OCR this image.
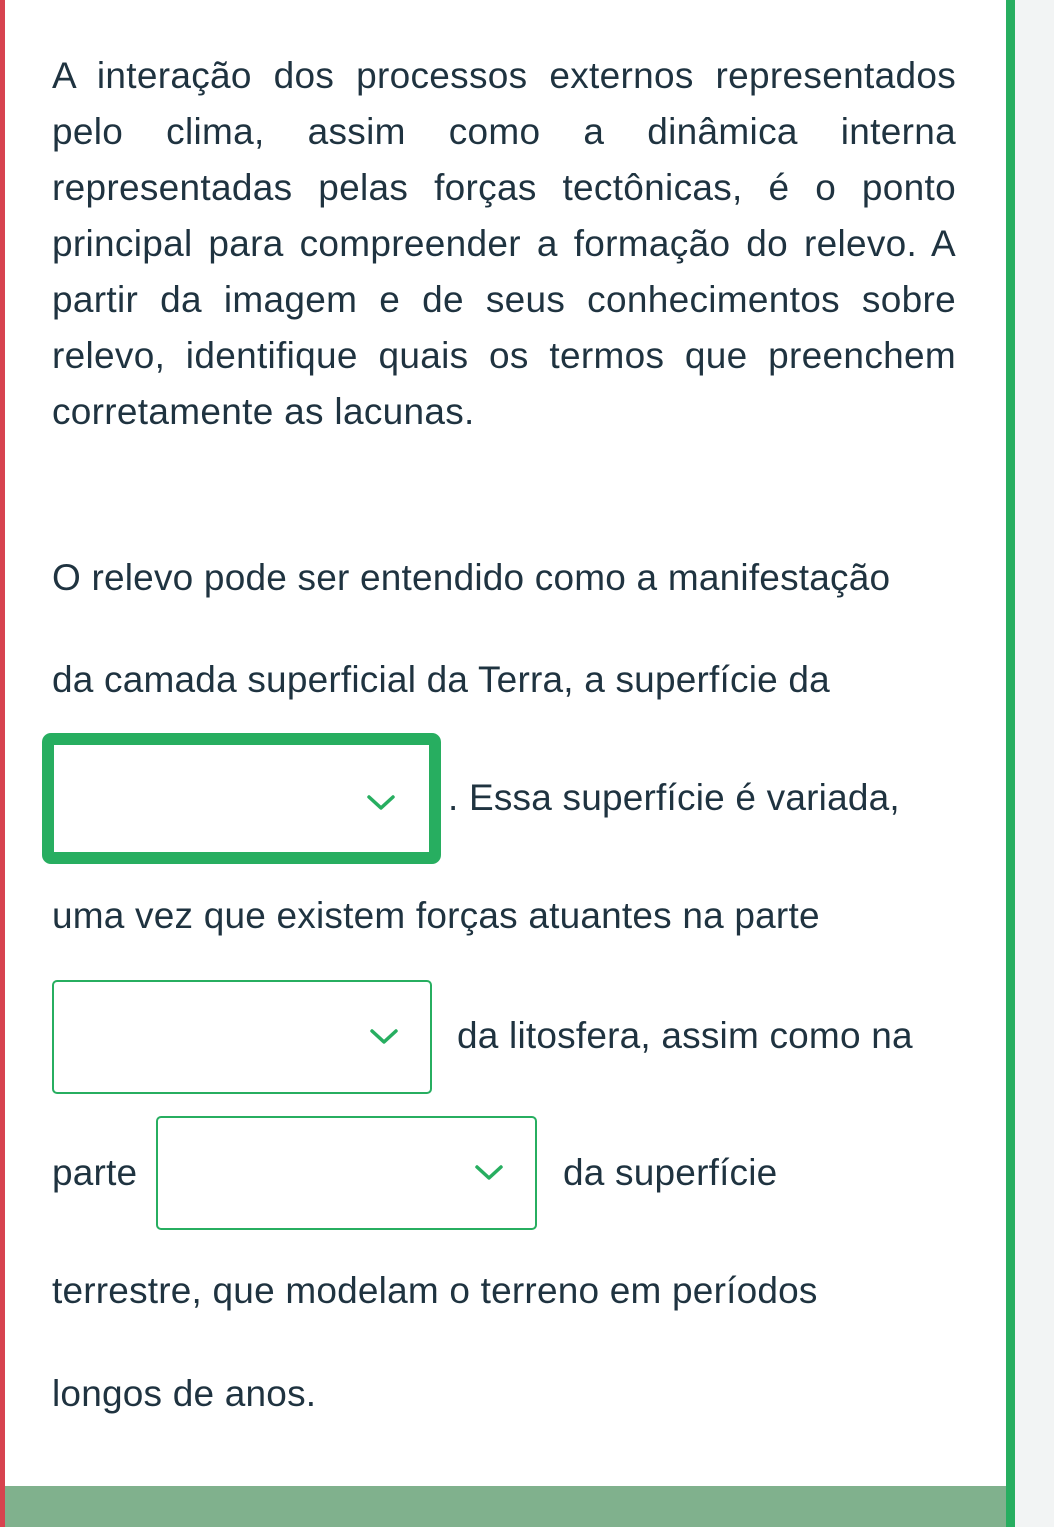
A interação dos processos externos representados pelo clima, assim como a dinâmica interna representadas pelas forças tectônicas, é o ponto principal para compreender a formação do relevo. A partir da imagem e de seus conhecimentos sobre relevo, identifique quais os termos que preenchem corretamente as lacunas.

O relevo pode ser entendido como a manifestação
da camada superficial da Terra, a superfície da
. Essa superfície é variada,
uma vez que existem forças atuantes na parte
da litosfera, assim como na
parte	da superfície
terrestre, que modelam o terreno em períodos
longos de anos.
